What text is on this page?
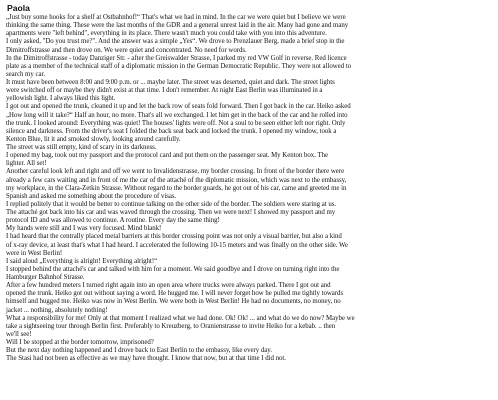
Paola
„Just buy some hooks for a shelf at Ostbahnhof!“ That's what we had in mind. In the car we were quiet but I believe we were
thinking the same thing. These were the last months of the GDR and a general unrest laid in the air. Many had gone and many
apartments were "left behind", everything in its place. There wasn't much you could take with you into this adventure.
I only asked, "Do you trust me?". And the answer was a simple „Yes“. We drove to Prenzlauer Berg, made a brief stop in the
Dimitroffstrasse and then drove on. We were quiet and concentrated. No need for words.
In the Dimitroffstrasse - today Danziger Str. - after the Greiswalder Strasse, I parked my red VW Golf in reverse. Red licence
plate as a member of the technical staff of a diplomatic mission in the German Democratic Republic. They were not allowed to
search my car.
It must have been between 8:00 and 9:00 p.m. or ... maybe later. The street was deserted, quiet and dark. The street lights
were switched off or maybe they didn't exist at that time. I don't remember. At night East Berlin was illuminated in a
yellowish light. I always liked this light.
I got out and opened the trunk, cleaned it up and let the back row of seats fold forward. Then I got back in the car. Heiko asked
„How long will it take?“ Half an hour, no more. That's all we exchanged. I let him get in the back of the car and he rolled into
the trunk. I looked around: Everything was quiet! The houses' lights were off. Not a soul to be seen either left nor right. Only
silence and darkness. From the driver's seat I folded the back seat back and locked the trunk. I opened my window, took a
Kenton Blue, lit it and smoked slowly, looking around carefully.
The street was still empty, kind of scary in its darkness.
I opened my bag, took out my passport and the protocol card and put them on the passenger seat. My Kenton box. The
lighter. All set!
Another careful look left and right and off we went to Invalidenstrasse, my border crossing. In front of the border there were
already a few cars waiting and in front of me the car of the attaché of the diplomatic mission, which was next to the embassy,
my workplace, in the Clara-Zetkin Strasse. Without regard to the border guards, he got out of his car, came and greeted me in
Spanish and asked me something about the procedure of visas.
I replied politely that it would be better to continue talking on the other side of the border. The soldiers were staring at us.
The attaché got back into his car and was waved through the crossing. Then we were next! I showed my passport and my
protocol ID and was allowed to continue. A routine. Every day the same thing!
My hands were still and I was very focused. Mind blank!
I had heard that the centrally placed metal barriers at this border crossing point was not only a visual barrier, but also a kind
of x-ray device, at least that's what I had heard. I accelerated the following 10-15 meters and was finally on the other side. We
were in West Berlin!
I said aloud „Everything is alright! Everything alright!“
I stopped behind the attaché's car and talked with him for a moment. We said goodbye and I drove on turning right into the
Hamburger Bahnhof Strasse.
After a few hundred meters I turned right again into an open area where trucks were always parked. There I got out and
opened the trunk. Heiko got out without saying a word. He hugged me. I will never forget how he pulled me tightly towards
himself and hugged me. Heiko was now in West Berlin. We were both in West Berlin! He had no documents, no money, no
jacket ... nothing, absolutely nothing!
What a responsibility for me! Only at that moment I realized what we had done. Ok! Ok! ... and what do we do now? Maybe we
take a sightseeing tour through Berlin first. Preferably to Kreuzberg, to Oranienstrasse to invite Heiko for a kebab. .. then
we'll see!
Will I be stopped at the border tomorrow, imprisoned?
But the next day nothing happened and I drove back to East Berlin to the embassy, like every day.
The Stasi had not been as effective as we may have thought. I know that now, but at that time I did not.
